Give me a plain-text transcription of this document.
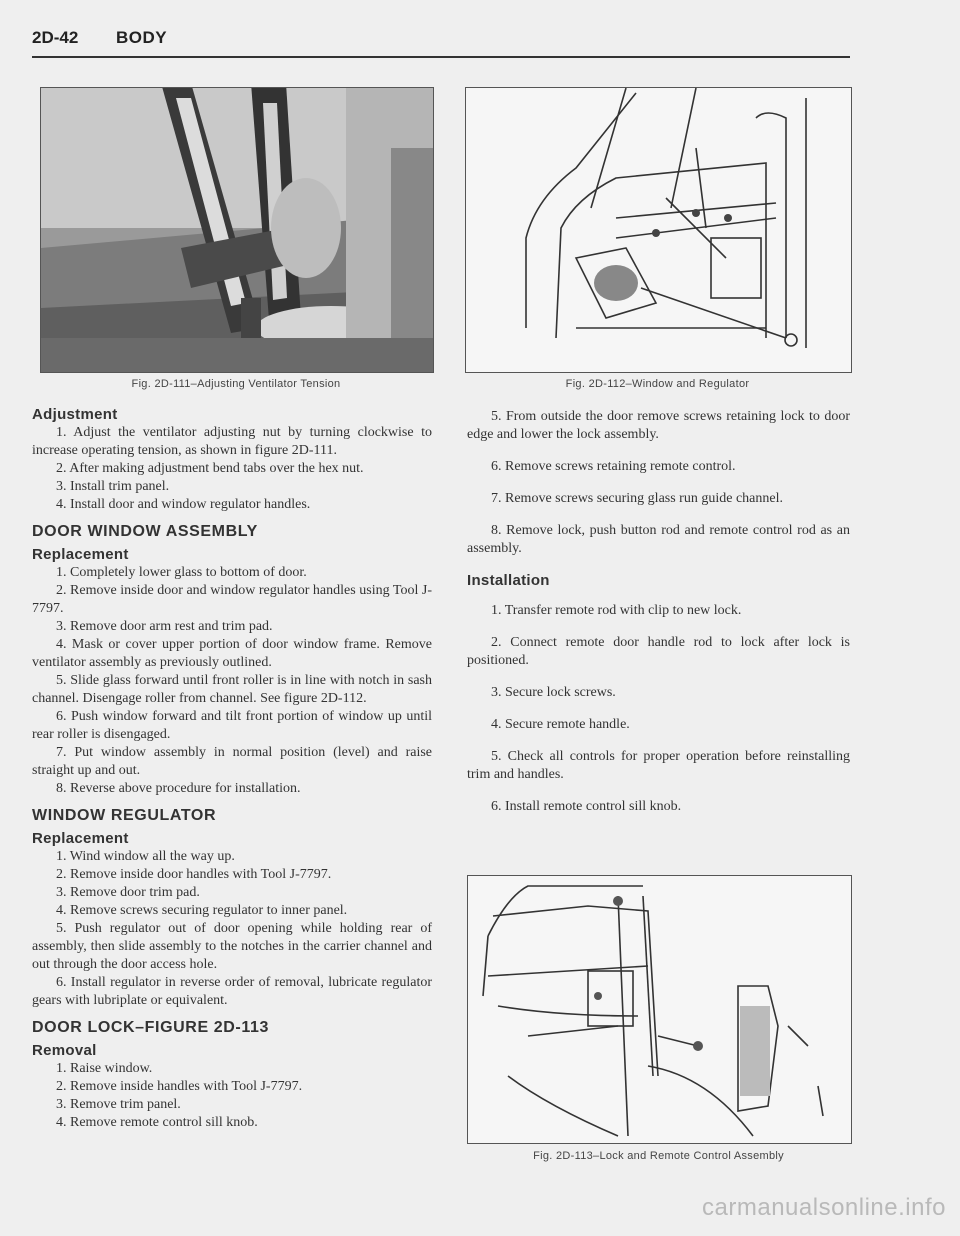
2D-42 BODY
Fig. 2D-111–Adjusting Ventilator Tension	Fig. 2D-112–Window and Regulator
Fig. 2D-113–Lock and Remote Control Assembly
Adjustment

1. Adjust the ventilator adjusting nut by turning clockwise to increase operating tension, as shown in figure 2D-111.

2. After making adjustment bend tabs over the hex nut.

3. Install trim panel.

4. Install door and window regulator handles.

DOOR WINDOW ASSEMBLY
Replacement

1. Completely lower glass to bottom of door.

2. Remove inside door and window regulator handles using Tool J-7797.

3. Remove door arm rest and trim pad.

4. Mask or cover upper portion of door window frame. Remove ventilator assembly as previously outlined.

5. Slide glass forward until front roller is in line with notch in sash channel. Disengage roller from channel. See figure 2D-112.

6. Push window forward and tilt front portion of window up until rear roller is disengaged.

7. Put window assembly in normal position (level) and raise straight up and out.

8. Reverse above procedure for installation.

WINDOW REGULATOR
Replacement

1. Wind window all the way up.

2. Remove inside door handles with Tool J-7797.

3. Remove door trim pad.

4. Remove screws securing regulator to inner panel.

5. Push regulator out of door opening while holding rear of assembly, then slide assembly to the notches in the carrier channel and out through the door access hole.

6. Install regulator in reverse order of removal, lubricate regulator gears with lubriplate or equivalent.

DOOR LOCK–FIGURE 2D-113
Removal

1. Raise window.

2. Remove inside handles with Tool J-7797.

3. Remove trim panel.

4. Remove remote control sill knob.

5. From outside the door remove screws retaining lock to door edge and lower the lock assembly.

6. Remove screws retaining remote control.

7. Remove screws securing glass run guide channel.

8. Remove lock, push button rod and remote control rod as an assembly.

Installation

1. Transfer remote rod with clip to new lock.

2. Connect remote door handle rod to lock after lock is positioned.

3. Secure lock screws.

4. Secure remote handle.

5. Check all controls for proper operation before reinstalling trim and handles.

6. Install remote control sill knob.

carmanualsonline.info
